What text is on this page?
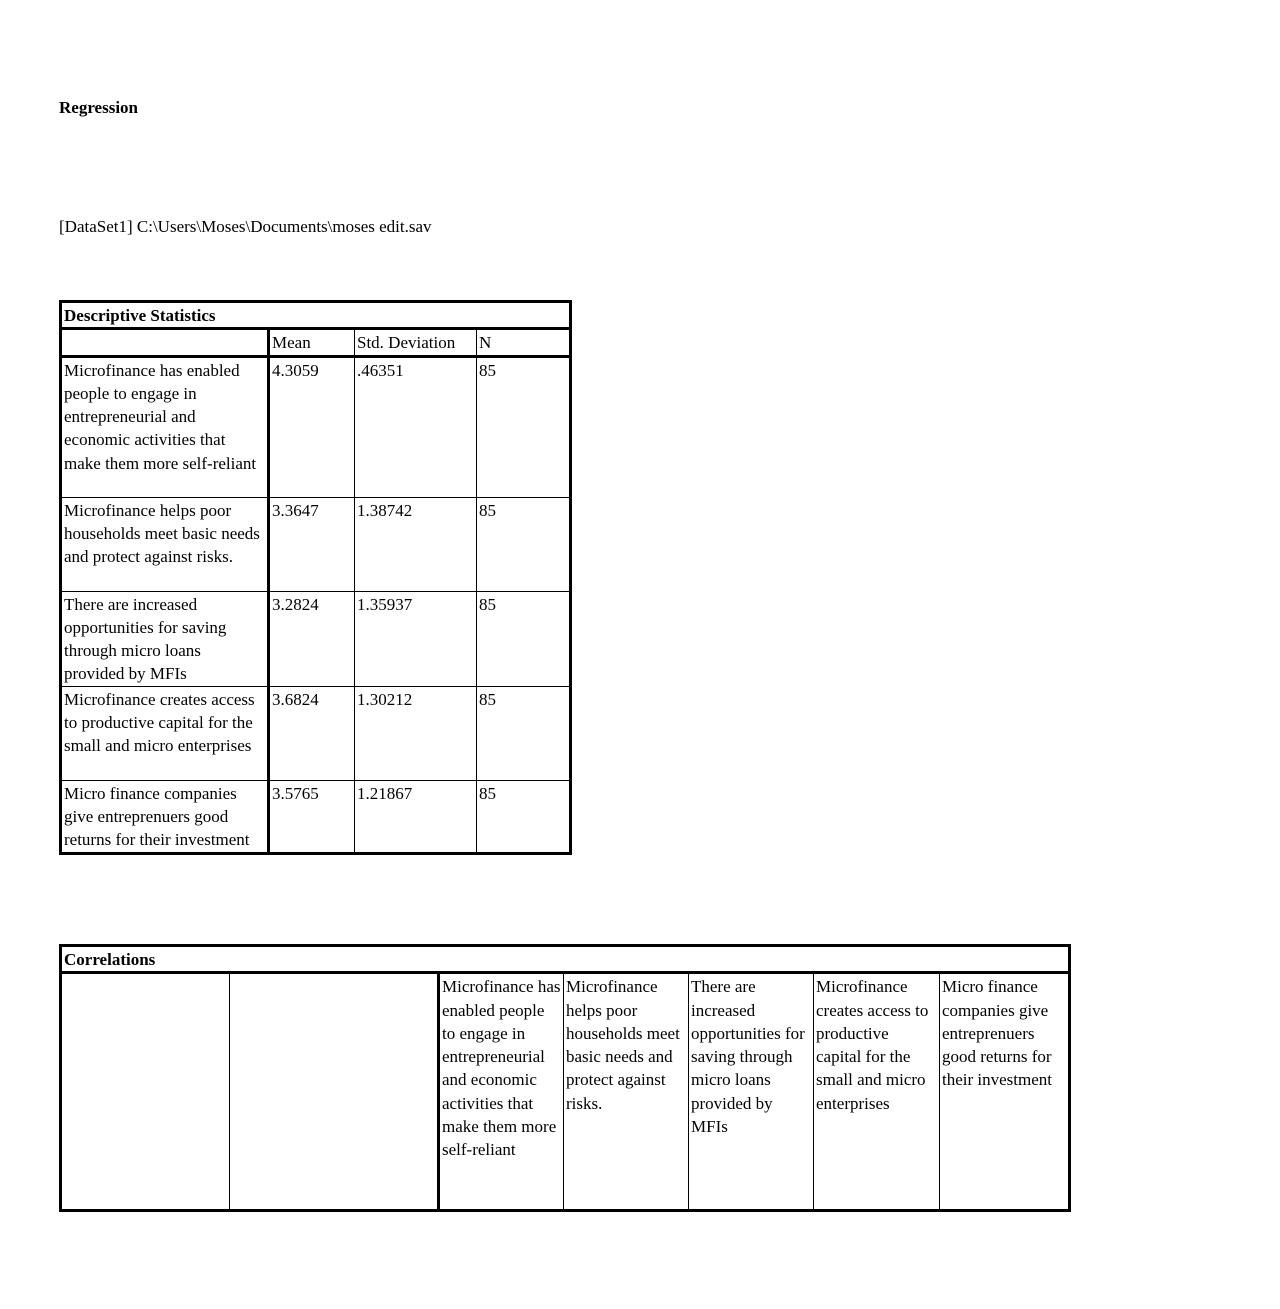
Regression
[DataSet1] C:\Users\Moses\Documents\moses edit.sav
Descriptive Statistics			
	Mean	Std. Deviation	N
Microfinance has enabled people to engage in entrepreneurial and economic activities that make them more self-reliant	4.3059	.46351	85
Microfinance helps poor households meet basic needs and protect against risks.	3.3647	1.38742	85
There are increased opportunities for saving through micro loans provided by MFIs	3.2824	1.35937	85
Microfinance creates access to productive capital for the small and micro enterprises	3.6824	1.30212	85
Micro finance companies give entreprenuers good returns for their investment	3.5765	1.21867	85
Correlations
		Microfinance has enabled people to engage in entrepreneurial and economic activities that make them more self-reliant	Microfinance helps poor households meet basic needs and protect against risks.	There are increased opportunities for saving through micro loans provided by MFIs	Microfinance creates access to productive capital for the small and micro enterprises	Micro finance companies give entreprenuers good returns for their investment
